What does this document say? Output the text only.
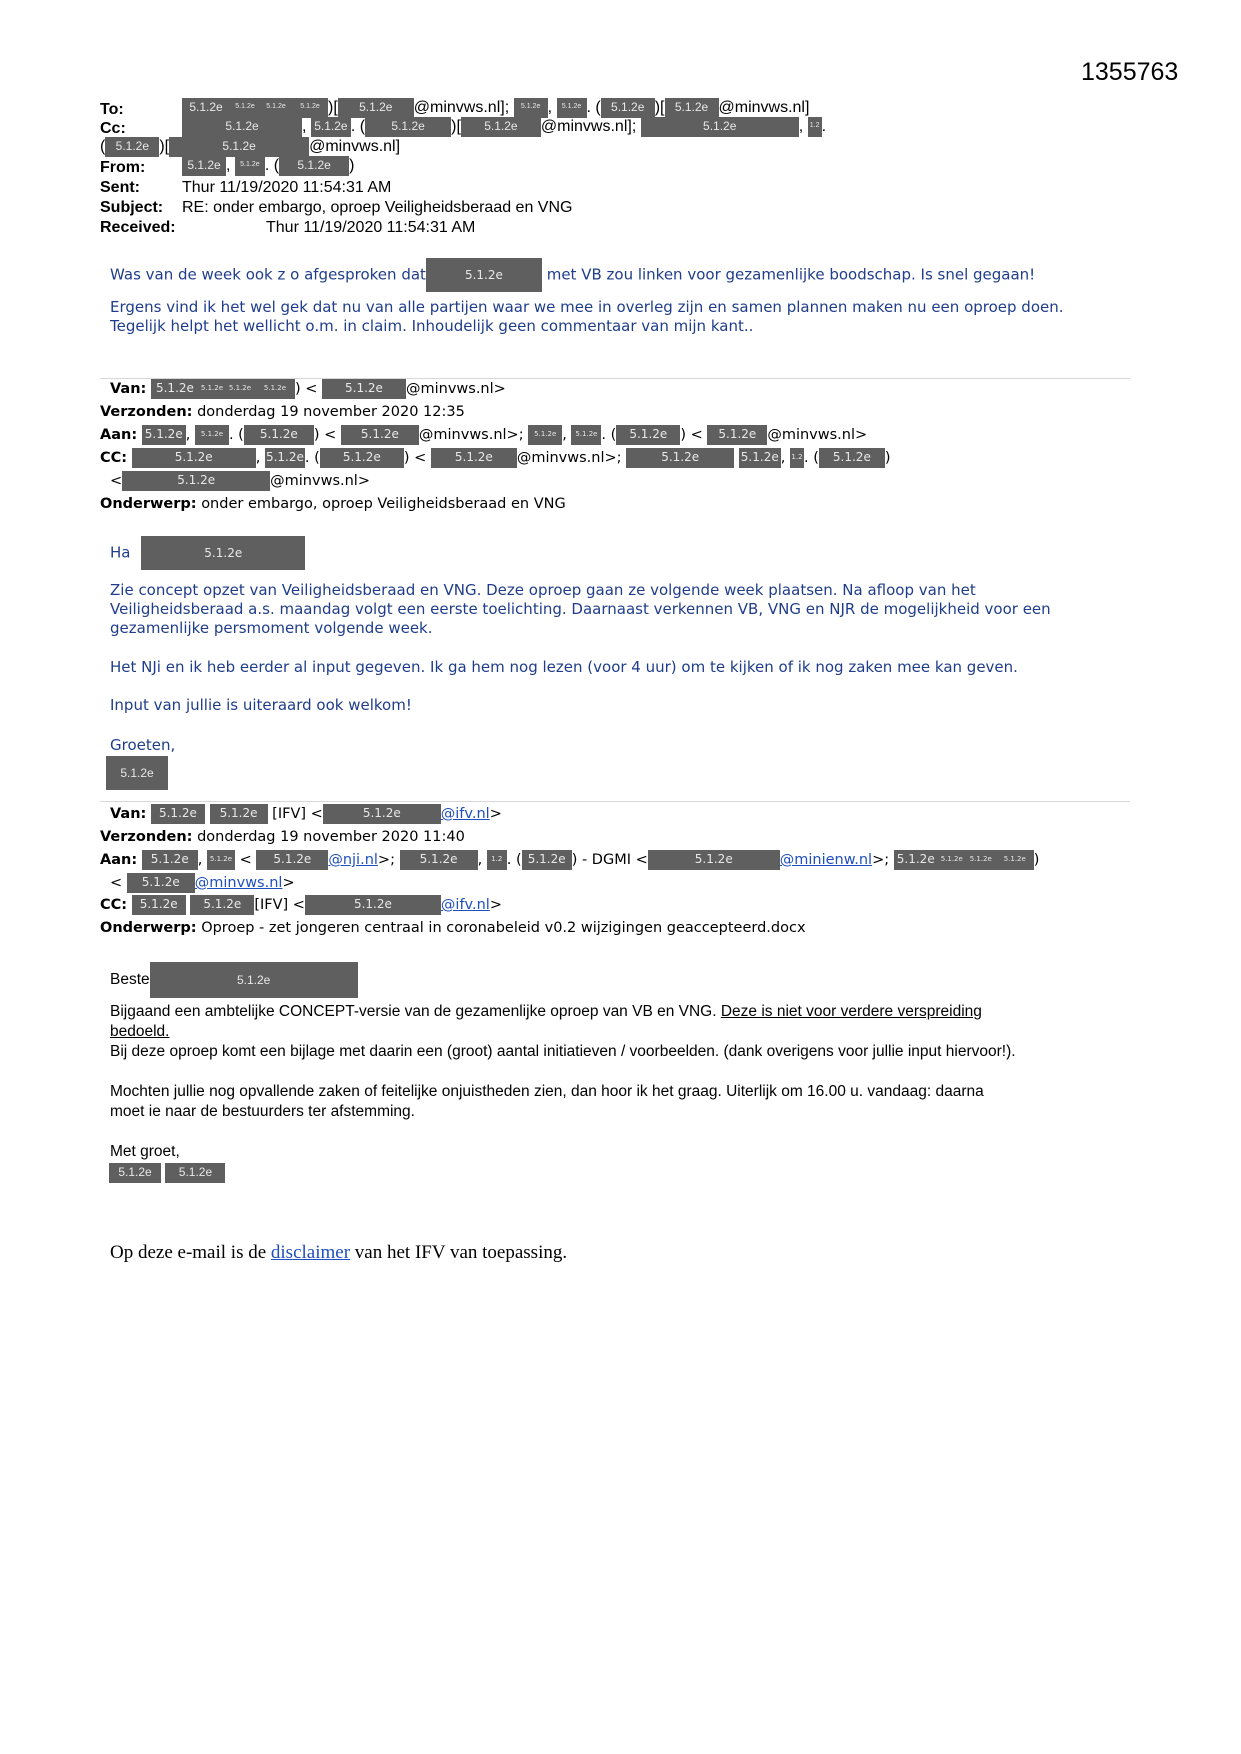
1355763
To:	5.1.2e 5.1.2e 5.1.2e 5.1.2e )[ 5.1.2e @minvws.nl]; 5.1.2e , 5.1.2e . ( 5.1.2e )[ 5.1.2e @minvws.nl]
Cc:	5.1.2e	, 5.1.2e . ( 5.1.2e )[ 5.1.2e @minvws.nl];	5.1.2e	, 1.2 .
( 5.1.2e )[	5.1.2e	@minvws.nl]
From:	5.1.2e , 5.1.2e . ( 5.1.2e )
Sent:	Thur 11/19/2020 11:54:31 AM
Subject: RE: onder embargo, oproep Veiligheidsberaad en VNG
Received:	Thur 11/19/2020 11:54:31 AM
Was van de week ook z o afgesproken dat	5.1.2e	met VB zou linken voor gezamenlijke boodschap. Is snel gegaan!
Ergens vind ik het wel gek dat nu van alle partijen waar we mee in overleg zijn en samen plannen maken nu een oproep doen.
Tegelijk helpt het wellicht o.m. in claim. Inhoudelijk geen commentaar van mijn kant..
Van: 5.1.2e 5.1.2e 5.1.2e 5.1.2e ) < 5.1.2e @minvws.nl>
Verzonden: donderdag 19 november 2020 12:35
Aan: 5.1.2e , 5.1.2e . ( 5.1.2e ) < 5.1.2e @minvws.nl>; 5.1.2e , 5.1.2e . ( 5.1.2e ) < 5.1.2e @minvws.nl>
CC:	5.1.2e	, 5.1.2e. ( 5.1.2e ) < 5.1.2e @minvws.nl>;	5.1.2e	5.1.2e , 1.2. ( 5.1.2e )
<	5.1.2e	@minvws.nl>
Onderwerp: onder embargo, oproep Veiligheidsberaad en VNG
Ha	5.1.2e
Zie concept opzet van Veiligheidsberaad en VNG. Deze oproep gaan ze volgende week plaatsen. Na afloop van het
Veiligheidsberaad a.s. maandag volgt een eerste toelichting. Daarnaast verkennen VB, VNG en NJR de mogelijkheid voor een
gezamenlijke persmoment volgende week.
Het NJi en ik heb eerder al input gegeven. Ik ga hem nog lezen (voor 4 uur) om te kijken of ik nog zaken mee kan geven.
Input van jullie is uiteraard ook welkom!
Groeten,
5.1.2e
Van: 5.1.2e 5.1.2e [IFV] <	5.1.2e	@ifv.nl>
Verzonden: donderdag 19 november 2020 11:40
Aan: 5.1.2e , 5.1.2e < 5.1.2e @nji.nl>; 5.1.2e , 1.2 . ( 5.1.2e ) - DGMI <	5.1.2e	@minienw.nl>; 5.1.2e 5.1.2e 5.1.2e 5.1.2e )
< 5.1.2e @minvws.nl>
CC: 5.1.2e 5.1.2e [IFV] <	5.1.2e	@ifv.nl>
Onderwerp: Oproep - zet jongeren centraal in coronabeleid v0.2 wijzigingen geaccepteerd.docx
Beste	5.1.2e
Bijgaand een ambtelijke CONCEPT-versie van de gezamenlijke oproep van VB en VNG. Deze is niet voor verdere verspreiding
bedoeld.
Bij deze oproep komt een bijlage met daarin een (groot) aantal initiatieven / voorbeelden. (dank overigens voor jullie input hiervoor!).
Mochten jullie nog opvallende zaken of feitelijke onjuistheden zien, dan hoor ik het graag. Uiterlijk om 16.00 u. vandaag: daarna
moet ie naar de bestuurders ter afstemming.
Met groet,
5.1.2e 5.1.2e
Op deze e-mail is de disclaimer van het IFV van toepassing.
